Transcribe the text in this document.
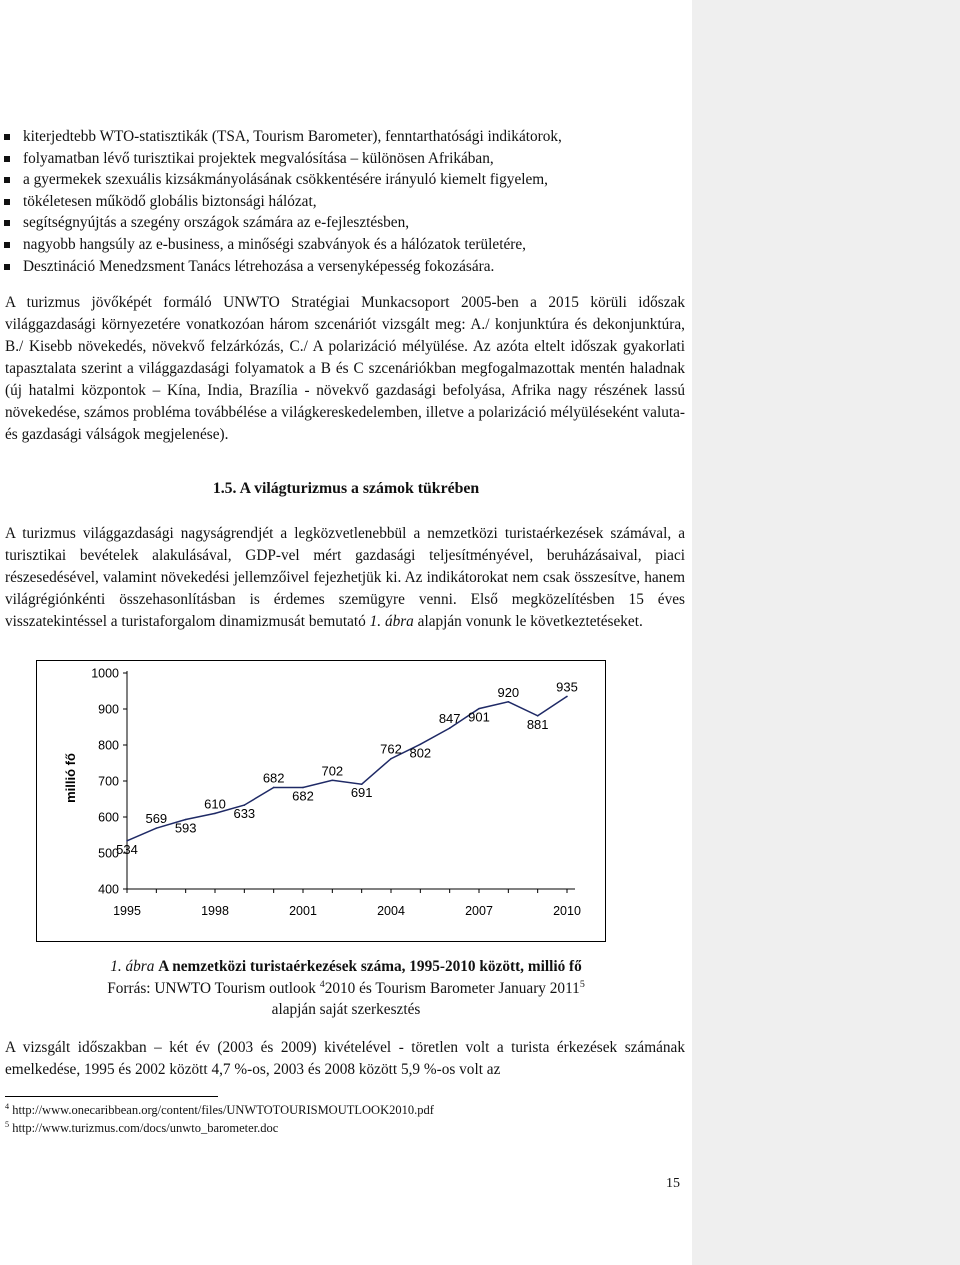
kiterjedtebb WTO-statisztikák (TSA, Tourism Barometer), fenntarthatósági indikátorok,
folyamatban lévő turisztikai projektek megvalósítása – különösen Afrikában,
a gyermekek szexuális kizsákmányolásának csökkentésére irányuló kiemelt figyelem,
tökéletesen működő globális biztonsági hálózat,
segítségnyújtás a szegény országok számára az e-fejlesztésben,
nagyobb hangsúly az e-business, a minőségi szabványok és a hálózatok területére,
Desztináció Menedzsment Tanács létrehozása a versenyképesség fokozására.

A turizmus jövőképét formáló UNWTO Stratégiai Munkacsoport 2005-ben a 2015 körüli időszak világgazdasági környezetére vonatkozóan három szcenáriót vizsgált meg: A./ konjunktúra és dekonjunktúra, B./ Kisebb növekedés, növekvő felzárkózás, C./ A polarizáció mélyülése. Az azóta eltelt időszak gyakorlati tapasztalata szerint a világgazdasági folyamatok a B és C szcenáriókban megfogalmazottak mentén haladnak (új hatalmi központok – Kína, India, Brazília - növekvő gazdasági befolyása, Afrika nagy részének lassú növekedése, számos probléma továbbélése a világkereskedelemben, illetve a polarizáció mélyüléseként valuta- és gazdasági válságok megjelenése).

1.5. A világturizmus a számok tükrében

A turizmus világgazdasági nagyságrendjét a legközvetlenebbül a nemzetközi turistaérkezések számával, a turisztikai bevételek alakulásával, GDP-vel mért gazdasági teljesítményével, beruházásaival, piaci részesedésével, valamint növekedési jellemzőivel fejezhetjük ki. Az indikátorokat nem csak összesítve, hanem világrégiónkénti összehasonlításban is érdemes szemügyre venni. Első megközelítésben 15 éves visszatekintéssel a turistaforgalom dinamizmusát bemutató 1. ábra alapján vonunk le következtetéseket.

400
500
600
700
800
900
1000
1995	1998	2001	2004	2007	2010
millió fő
534
569
593
610
633
682
682
702
691
762 802
847 901
920
881
935

1. ábra A nemzetközi turistaérkezések száma, 1995-2010 között, millió fő

Forrás: UNWTO Tourism outlook $^4$2010 és Tourism Barometer January 2011$^5$

alapján saját szerkesztés

A vizsgált időszakban – két év (2003 és 2009) kivételével - töretlen volt a turista érkezések számának emelkedése, 1995 és 2002 között 4,7 %-os, 2003 és 2008 között 5,9 %-os volt az

$^4$ http://www.onecaribbean.org/content/files/UNWTOTOURISMOUTLOOK2010.pdf

$^5$ http://www.turizmus.com/docs/unwto_barometer.doc

15
